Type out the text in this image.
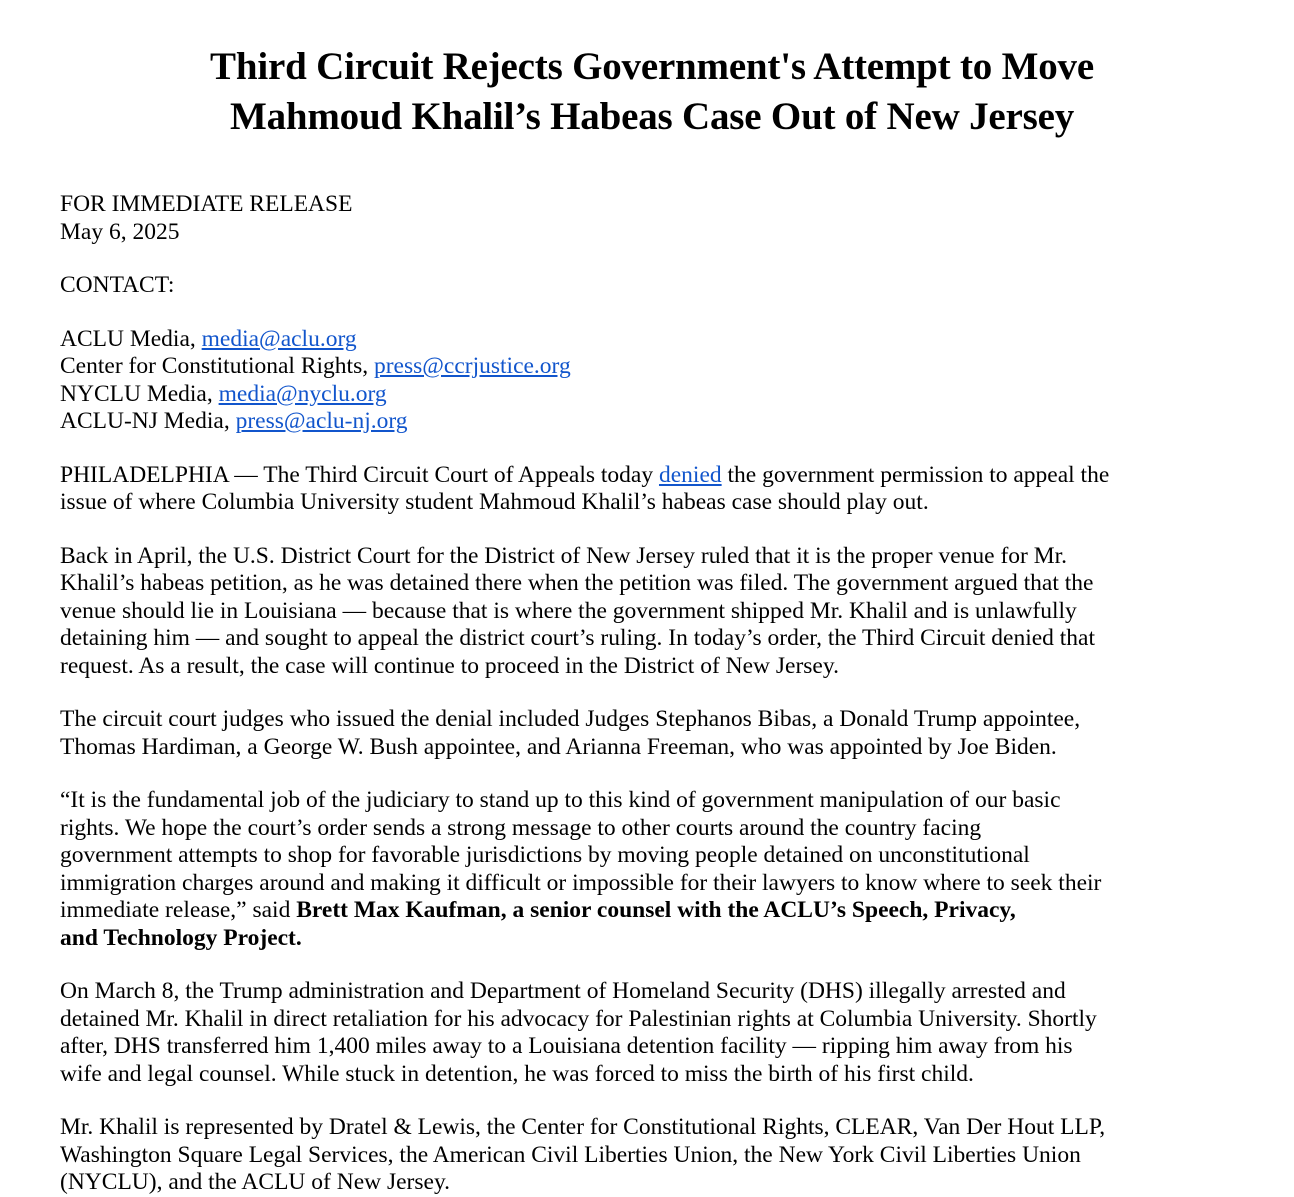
Third Circuit Rejects Government's Attempt to Move
Mahmoud Khalil’s Habeas Case Out of New Jersey
FOR IMMEDIATE RELEASE
May 6, 2025
CONTACT:
ACLU Media, media@aclu.org
Center for Constitutional Rights, press@ccrjustice.org
NYCLU Media, media@nyclu.org
ACLU-NJ Media, press@aclu-nj.org

PHILADELPHIA — The Third Circuit Court of Appeals today denied the government permission to appeal the
issue of where Columbia University student Mahmoud Khalil’s habeas case should play out.

Back in April, the U.S. District Court for the District of New Jersey ruled that it is the proper venue for Mr.
Khalil’s habeas petition, as he was detained there when the petition was filed. The government argued that the
venue should lie in Louisiana — because that is where the government shipped Mr. Khalil and is unlawfully
detaining him — and sought to appeal the district court’s ruling. In today’s order, the Third Circuit denied that
request. As a result, the case will continue to proceed in the District of New Jersey.

The circuit court judges who issued the denial included Judges Stephanos Bibas, a Donald Trump appointee,
Thomas Hardiman, a George W. Bush appointee, and Arianna Freeman, who was appointed by Joe Biden.

“It is the fundamental job of the judiciary to stand up to this kind of government manipulation of our basic
rights. We hope the court’s order sends a strong message to other courts around the country facing
government attempts to shop for favorable jurisdictions by moving people detained on unconstitutional
immigration charges around and making it difficult or impossible for their lawyers to know where to seek their
immediate release,” said Brett Max Kaufman, a senior counsel with the ACLU’s Speech, Privacy,
and Technology Project.

On March 8, the Trump administration and Department of Homeland Security (DHS) illegally arrested and
detained Mr. Khalil in direct retaliation for his advocacy for Palestinian rights at Columbia University. Shortly
after, DHS transferred him 1,400 miles away to a Louisiana detention facility — ripping him away from his
wife and legal counsel. While stuck in detention, he was forced to miss the birth of his first child.

Mr. Khalil is represented by Dratel & Lewis, the Center for Constitutional Rights, CLEAR, Van Der Hout LLP,
Washington Square Legal Services, the American Civil Liberties Union, the New York Civil Liberties Union
(NYCLU), and the ACLU of New Jersey.
